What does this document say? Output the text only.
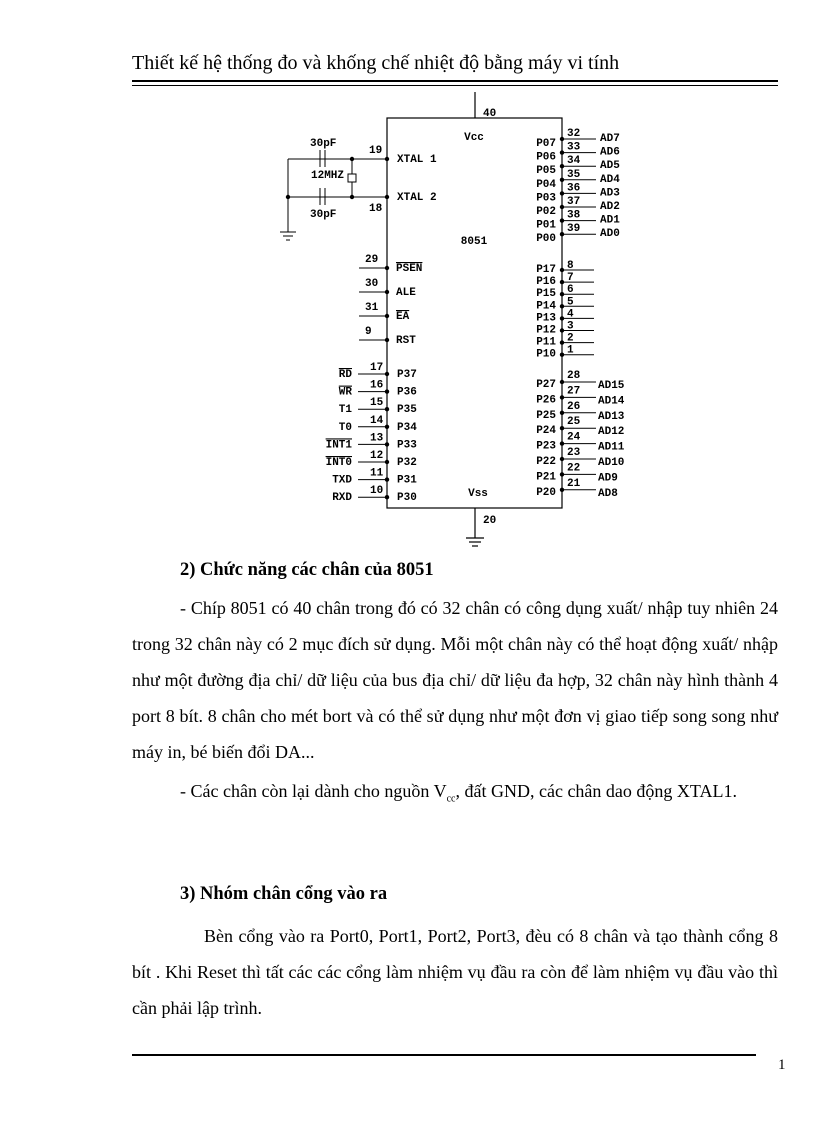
Thiết kế hệ thống đo và khống chế nhiệt độ bằng máy vi tính
8051
40
Vcc
20
Vss
19
XTAL 1
18
XTAL 2
12MHZ
30pF
30pF
29
PSEN
30
ALE
31
EA
9
RST
17
P37
RD
16
P36
WR
15
P35
T1
14
P34
T0
13
P33
INT1
12
P32
INT0
11
P31
TXD
10
P30
RXD
32
P07	AD7
33
P06	AD6
34
P05	AD5
35
P04	AD4
36
P03	AD3
37
P02	AD2
38
P01	AD1
39
P00	AD0
8
P17
7
P16
6
P15
5
P14
4
P13
3
P12
2
P11
1
P10
28
P27	AD15
27
P26	AD14
26
P25	AD13
25
P24	AD12
24
P23	AD11
23
P22	AD10
22
P21	AD9
21
P20	AD8
2) Chức năng các chân của 8051
- Chíp 8051 có 40 chân trong đó có 32 chân có công dụng xuất/ nhập tuy nhiên 24 trong 32 chân này có 2 mục đích sử dụng. Mỗi một chân này có thể hoạt động xuất/ nhập như một đường địa chỉ/ dữ liệu của bus địa chỉ/ dữ liệu đa hợp, 32 chân này hình thành 4 port 8 bít. 8 chân cho mét bort và có thể sử dụng như một đơn vị giao tiếp song song như máy in, bé biến đổi DA...
- Các chân còn lại dành cho nguồn $V_{cc}$, đất GND, các chân dao động XTAL1.
3) Nhóm chân cổng vào ra
Bèn cổng vào ra Port0, Port1, Port2, Port3, đèu có 8 chân và tạo thành cổng 8 bít . Khi Reset thì tất các các cổng làm nhiệm vụ đầu ra còn để làm nhiệm vụ đầu vào thì cần phải lập trình.
1
